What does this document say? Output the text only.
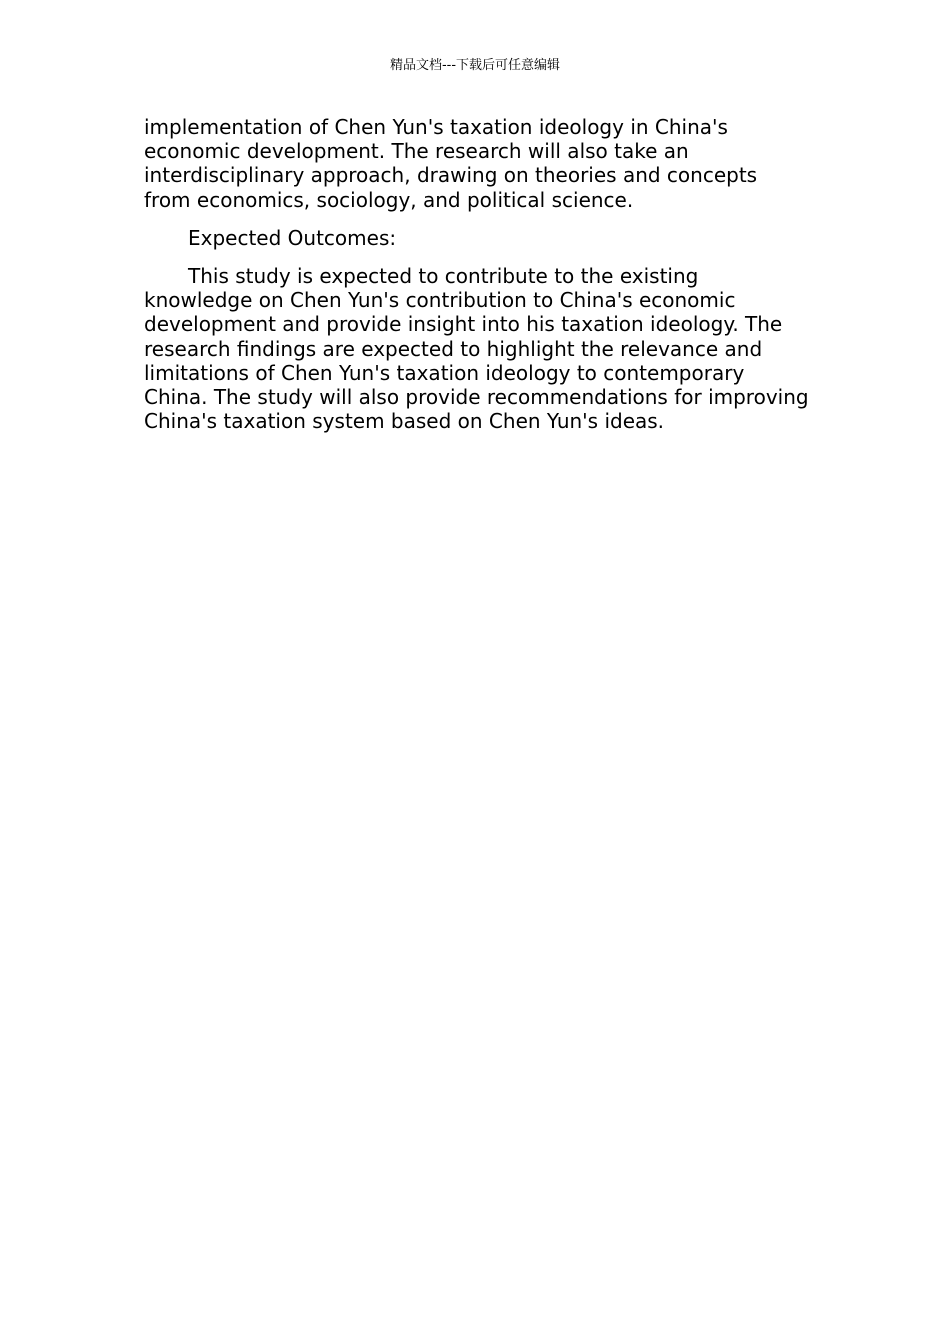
精品文档---下载后可任意编辑

implementation of Chen Yun's taxation ideology in China's economic development. The research will also take an interdisciplinary approach, drawing on theories and concepts from economics, sociology, and political science.

Expected Outcomes:

This study is expected to contribute to the existing knowledge on Chen Yun's contribution to China's economic development and provide insight into his taxation ideology. The research findings are expected to highlight the relevance and limitations of Chen Yun's taxation ideology to contemporary China. The study will also provide recommendations for improving China's taxation system based on Chen Yun's ideas.
